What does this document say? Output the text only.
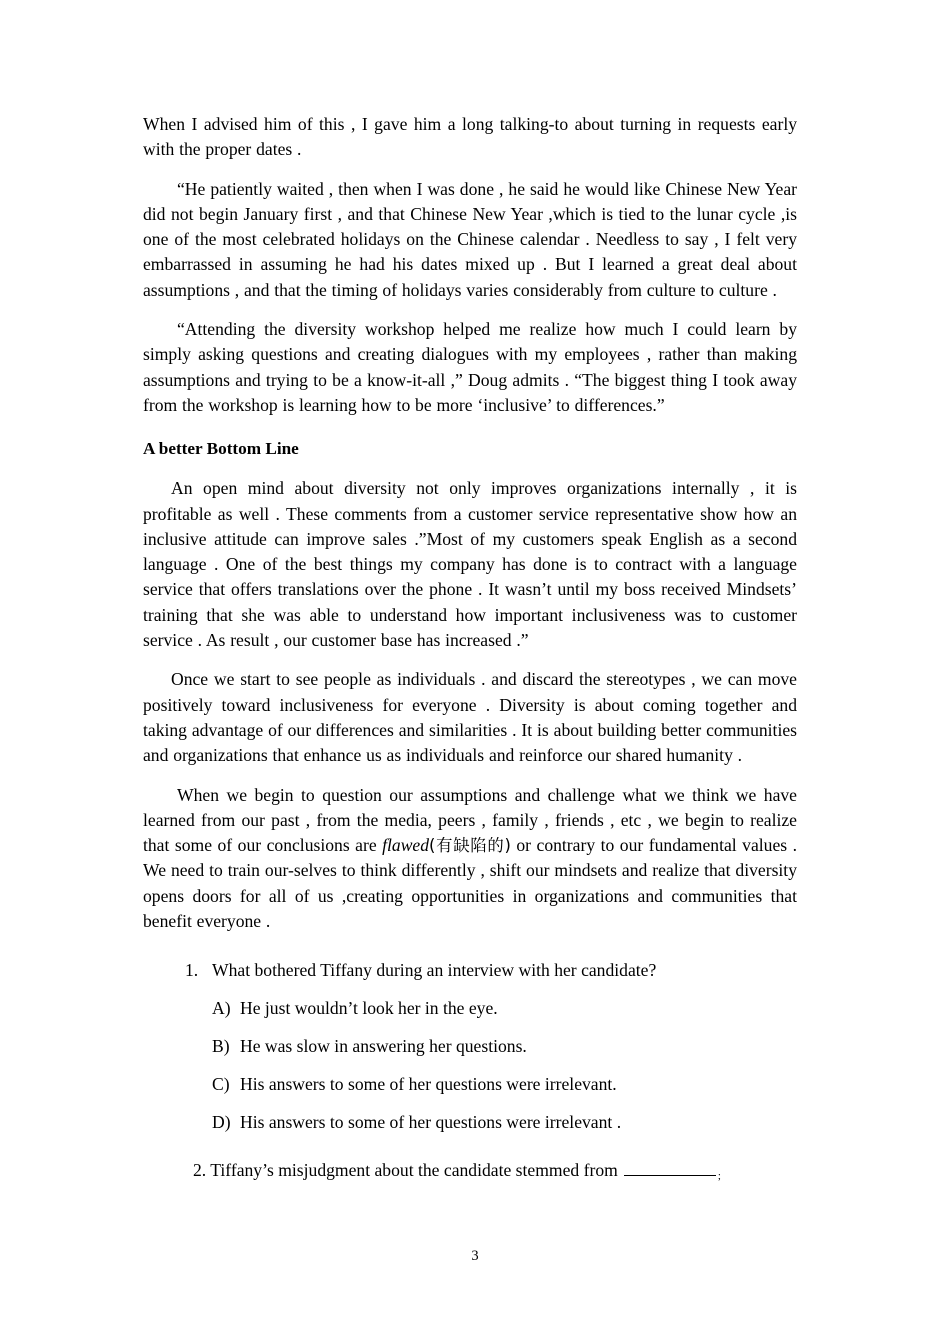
When I advised him of this , I gave him a long talking-to about turning in requests early with the proper dates .

“He patiently waited , then when I was done , he said he would like Chinese New Year did not begin January first , and that Chinese New Year ,which is tied to the lunar cycle ,is one of the most celebrated holidays on the Chinese calendar . Needless to say , I felt very embarrassed in assuming he had his dates mixed up . But I learned a great deal about assumptions , and that the timing of holidays varies considerably from culture to culture .

“Attending the diversity workshop helped me realize how much I could learn by simply asking questions and creating dialogues with my employees , rather than making assumptions and trying to be a know-it-all ,” Doug admits . “The biggest thing I took away from the workshop is learning how to be more ‘inclusive’ to differences.”

A better Bottom Line

An open mind about diversity not only improves organizations internally , it is profitable as well . These comments from a customer service representative show how an inclusive attitude can improve sales .”Most of my customers speak English as a second language . One of the best things my company has done is to contract with a language service that offers translations over the phone . It wasn’t until my boss received Mindsets’ training that she was able to understand how important inclusiveness was to customer service . As result , our customer base has increased .”

Once we start to see people as individuals . and discard the stereotypes , we can move positively toward inclusiveness for everyone . Diversity is about coming together and taking advantage of our differences and similarities . It is about building better communities and organizations that enhance us as individuals and reinforce our shared humanity .

When we begin to question our assumptions and challenge what we think we have learned from our past , from the media, peers , family , friends , etc , we begin to realize that some of our conclusions are flawed(有缺陷的) or contrary to our fundamental values . We need to train our-selves to think differently , shift our mindsets and realize that diversity opens doors for all of us ,creating opportunities in organizations and communities that benefit everyone .

1. What bothered Tiffany during an interview with her candidate?
A) He just wouldn’t look her in the eye.
B) He was slow in answering her questions.
C) His answers to some of her questions were irrelevant.
D) His answers to some of her questions were irrelevant .
2. Tiffany’s misjudgment about the candidate stemmed from	;
3
